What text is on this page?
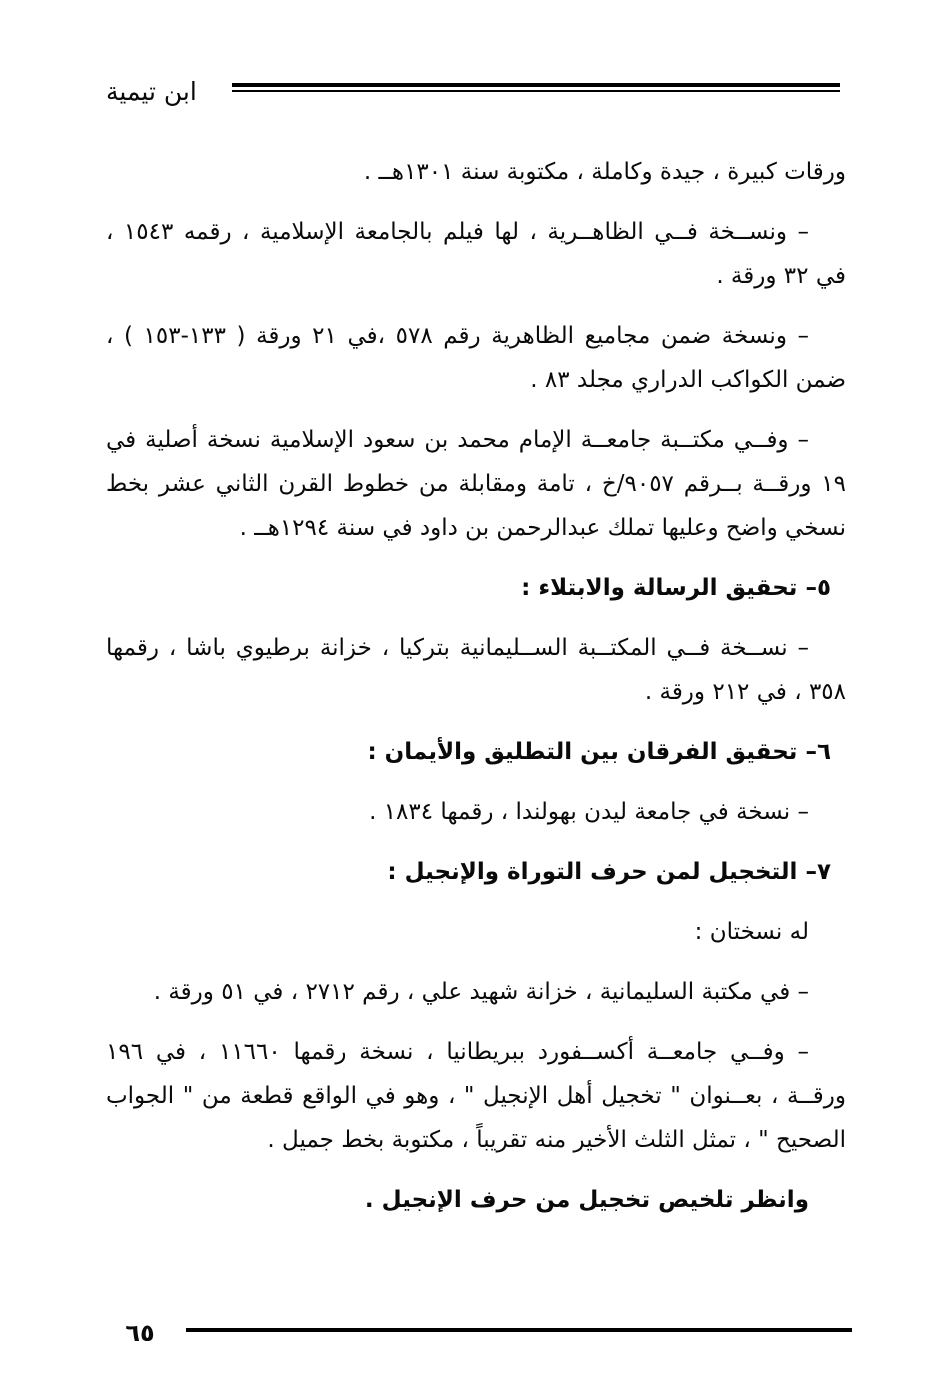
ابن تيمية
ورقات كبيرة ، جيدة وكاملة ، مكتوبة سنة ١٣٠١هــ .
– ونســخة فــي الظاهــرية ، لها فيلم بالجامعة الإسلامية ، رقمه ١٥٤٣ ،
في ٣٢ ورقة .
– ونسخة ضمن مجاميع الظاهرية رقم ٥٧٨ ،في ٢١ ورقة ( ١٣٣-١٥٣ ) ،
ضمن الكواكب الدراري مجلد ٨٣ .
– وفــي مكتــبة جامعــة الإمام محمد بن سعود الإسلامية نسخة أصلية في
١٩ ورقــة بــرقم ٩٠٥٧/خ ، تامة ومقابلة من خطوط القرن الثاني عشر بخط
نسخي واضح وعليها تملك عبدالرحمن بن داود في سنة ١٢٩٤هــ .
٥– تحقيق الرسالة والابتلاء :
– نســخة فــي المكتــبة الســليمانية بتركيا ، خزانة برطيوي باشا ، رقمها
٣٥٨ ، في ٢١٢ ورقة .
٦– تحقيق الفرقان بين التطليق والأيمان :
– نسخة في جامعة ليدن بهولندا ، رقمها ١٨٣٤ .
٧– التخجيل لمن حرف التوراة والإنجيل :
له نسختان :
– في مكتبة السليمانية ، خزانة شهيد علي ، رقم ٢٧١٢ ، في ٥١ ورقة .
– وفــي جامعــة أكســفورد ببريطانيا ، نسخة رقمها ١١٦٦٠ ، في ١٩٦
ورقــة ، بعــنوان " تخجيل أهل الإنجيل " ، وهو في الواقع قطعة من " الجواب
الصحيح " ، تمثل الثلث الأخير منه تقريباً ، مكتوبة بخط جميل .
وانظر تلخيص تخجيل من حرف الإنجيل .
٦٥
